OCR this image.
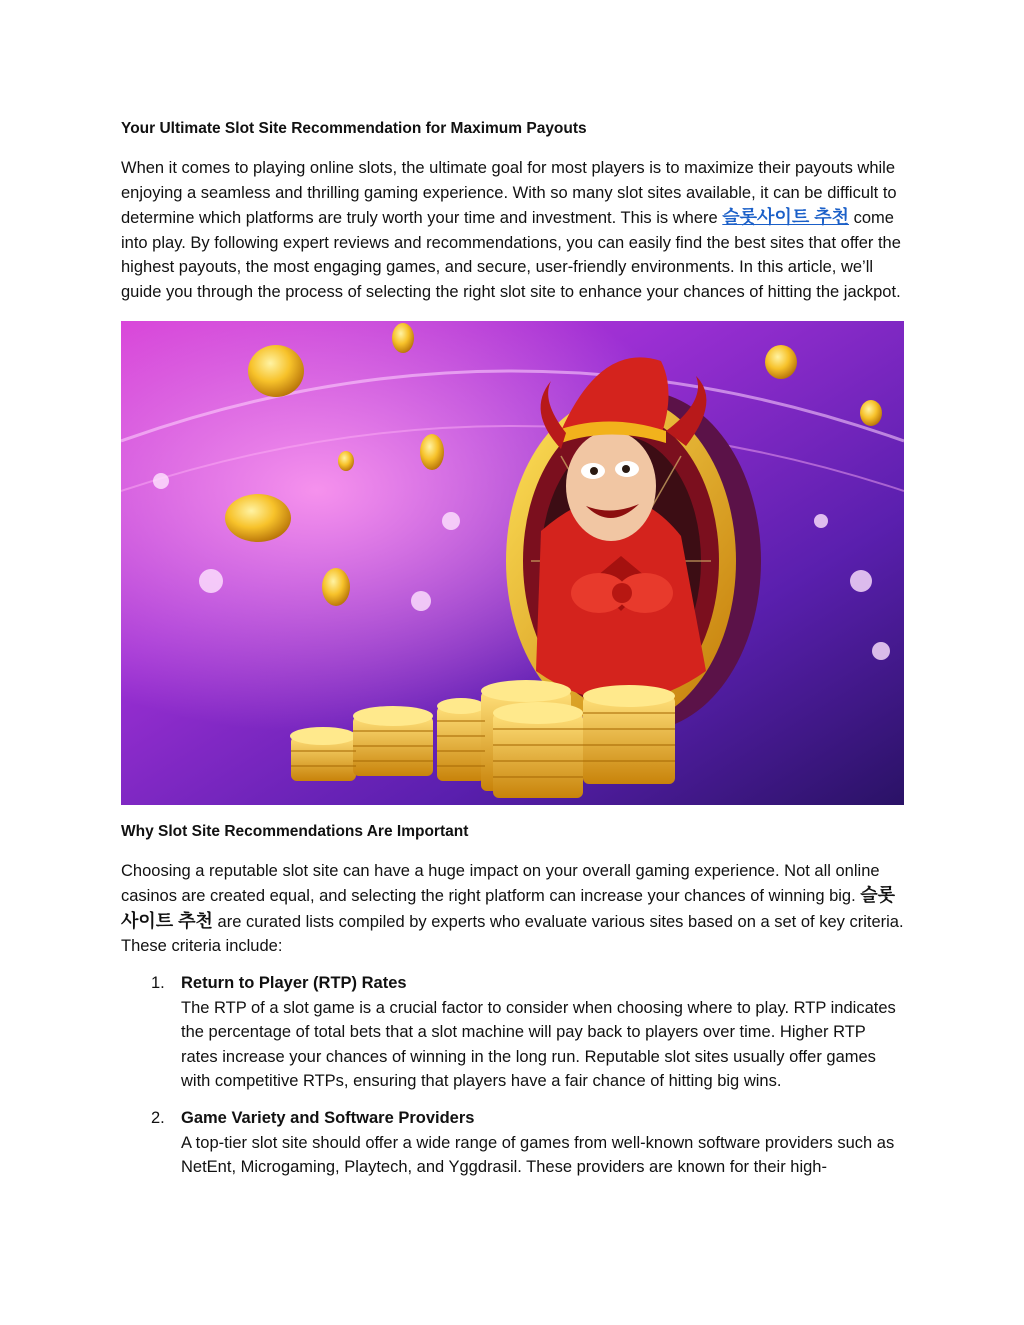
Your Ultimate Slot Site Recommendation for Maximum Payouts

When it comes to playing online slots, the ultimate goal for most players is to maximize their payouts while enjoying a seamless and thrilling gaming experience. With so many slot sites available, it can be difficult to determine which platforms are truly worth your time and investment. This is where 슬롯사이트 추천 come into play. By following expert reviews and recommendations, you can easily find the best sites that offer the highest payouts, the most engaging games, and secure, user-friendly environments. In this article, we’ll guide you through the process of selecting the right slot site to enhance your chances of hitting the jackpot.

Why Slot Site Recommendations Are Important

Choosing a reputable slot site can have a huge impact on your overall gaming experience. Not all online casinos are created equal, and selecting the right platform can increase your chances of winning big. 슬롯사이트 추천 are curated lists compiled by experts who evaluate various sites based on a set of key criteria. These criteria include:

1. Return to Player (RTP) Rates
The RTP of a slot game is a crucial factor to consider when choosing where to play. RTP indicates the percentage of total bets that a slot machine will pay back to players over time. Higher RTP rates increase your chances of winning in the long run. Reputable slot sites usually offer games with competitive RTPs, ensuring that players have a fair chance of hitting big wins.
2. Game Variety and Software Providers
A top-tier slot site should offer a wide range of games from well-known software providers such as NetEnt, Microgaming, Playtech, and Yggdrasil. These providers are known for their high-
